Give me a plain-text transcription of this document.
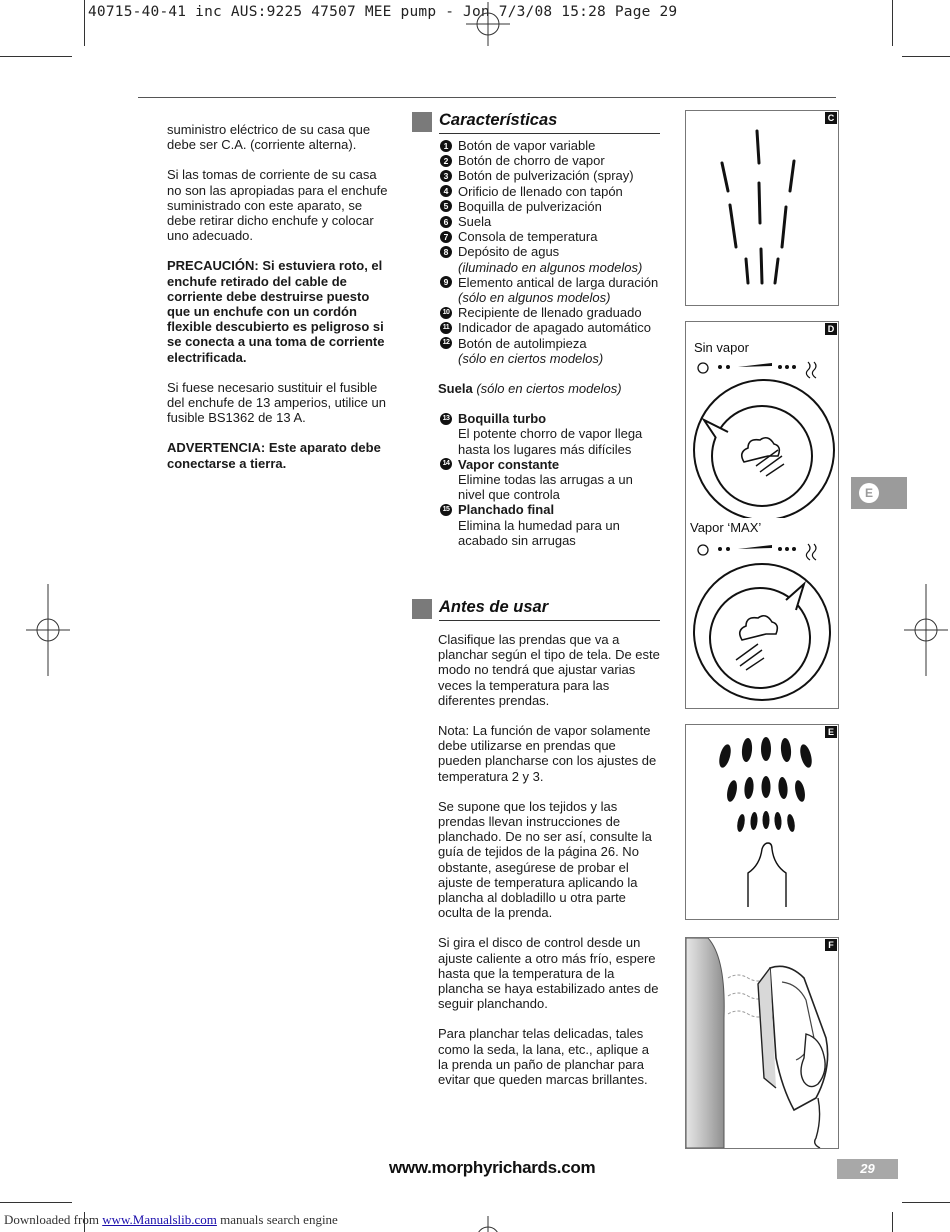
40715-40-41 inc AUS:9225 47507 MEE pump - Jon 7/3/08 15:28 Page 29

suministro eléctrico de su casa que debe ser C.A. (corriente alterna).

Si las tomas de corriente de su casa no son las apropiadas para el enchufe suministrado con este aparato, se debe retirar dicho enchufe y colocar uno adecuado.

PRECAUCIÓN: Si estuviera roto, el enchufe retirado del cable de corriente debe destruirse puesto que un enchufe con un cordón flexible descubierto es peligroso si se conecta a una toma de corriente electrificada.

Si fuese necesario sustituir el fusible del enchufe de 13 amperios, utilice un fusible BS1362 de 13 A.

ADVERTENCIA: Este aparato debe conectarse a tierra.

Características
1 Botón de vapor variable
2 Botón de chorro de vapor
3 Botón de pulverización (spray)
4 Orificio de llenado con tapón
5 Boquilla de pulverización
6 Suela
7 Consola de temperatura
8 Depósito de agus
(iluminado en algunos modelos)
9 Elemento antical de larga duración
(sólo en algunos modelos)
10 Recipiente de llenado graduado
11 Indicador de apagado automático
12 Botón de autolimpieza
(sólo en ciertos modelos)
Suela (sólo en ciertos modelos)
13 Boquilla turbo
El potente chorro de vapor llega hasta los lugares más difíciles
14 Vapor constante
Elimine todas las arrugas a un nivel que controla
15 Planchado final
Elimina la humedad para un acabado sin arrugas
Antes de usar

Clasifique las prendas que va a planchar según el tipo de tela. De este modo no tendrá que ajustar varias veces la temperatura para las diferentes prendas.

Nota: La función de vapor solamente debe utilizarse en prendas que pueden plancharse con los ajustes de temperatura 2 y 3.

Se supone que los tejidos y las prendas llevan instrucciones de planchado. De no ser así, consulte la guía de tejidos de la página 26. No obstante, asegúrese de probar el ajuste de temperatura aplicando la plancha al dobladillo u otra parte oculta de la prenda.

Si gira el disco de control desde un ajuste caliente a otro más frío, espere hasta que la temperatura de la plancha se haya estabilizado antes de seguir planchando.

Para planchar telas delicadas, tales como la seda, la lana, etc., aplique a la prenda un paño de planchar para evitar que queden marcas brillantes.

C
D
Sin vapor
Vapor ‘MAX’
E
F
E
www.morphyrichards.com	29
Downloaded from www.Manualslib.com manuals search engine
